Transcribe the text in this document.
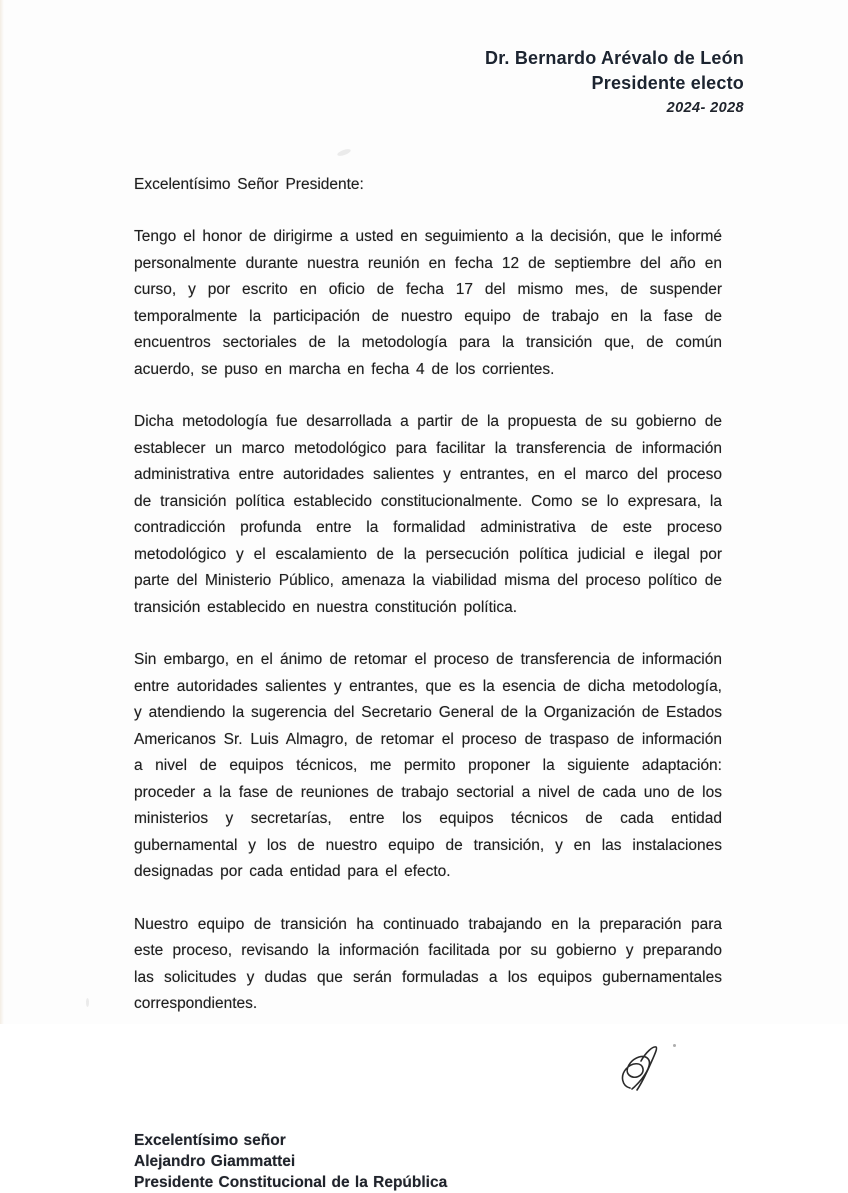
Dr. Bernardo Arévalo de León
Presidente electo
2024- 2028

Excelentísimo Señor Presidente:

Tengo el honor de dirigirme a usted en seguimiento a la decisión, que le informé personalmente durante nuestra reunión en fecha 12 de septiembre del año en curso, y por escrito en oficio de fecha 17 del mismo mes, de suspender temporalmente la participación de nuestro equipo de trabajo en la fase de encuentros sectoriales de la metodología para la transición que, de común acuerdo, se puso en marcha en fecha 4 de los corrientes.

Dicha metodología fue desarrollada a partir de la propuesta de su gobierno de establecer un marco metodológico para facilitar la transferencia de información administrativa entre autoridades salientes y entrantes, en el marco del proceso de transición política establecido constitucionalmente. Como se lo expresara, la contradicción profunda entre la formalidad administrativa de este proceso metodológico y el escalamiento de la persecución política judicial e ilegal por parte del Ministerio Público, amenaza la viabilidad misma del proceso político de transición establecido en nuestra constitución política.

Sin embargo, en el ánimo de retomar el proceso de transferencia de información entre autoridades salientes y entrantes, que es la esencia de dicha metodología, y atendiendo la sugerencia del Secretario General de la Organización de Estados Americanos Sr. Luis Almagro, de retomar el proceso de traspaso de información a nivel de equipos técnicos, me permito proponer la siguiente adaptación: proceder a la fase de reuniones de trabajo sectorial a nivel de cada uno de los ministerios y secretarías, entre los equipos técnicos de cada entidad gubernamental y los de nuestro equipo de transición, y en las instalaciones designadas por cada entidad para el efecto.

Nuestro equipo de transición ha continuado trabajando en la preparación para este proceso, revisando la información facilitada por su gobierno y preparando las solicitudes y dudas que serán formuladas a los equipos gubernamentales correspondientes.

Excelentísimo señor
Alejandro Giammattei
Presidente Constitucional de la República
